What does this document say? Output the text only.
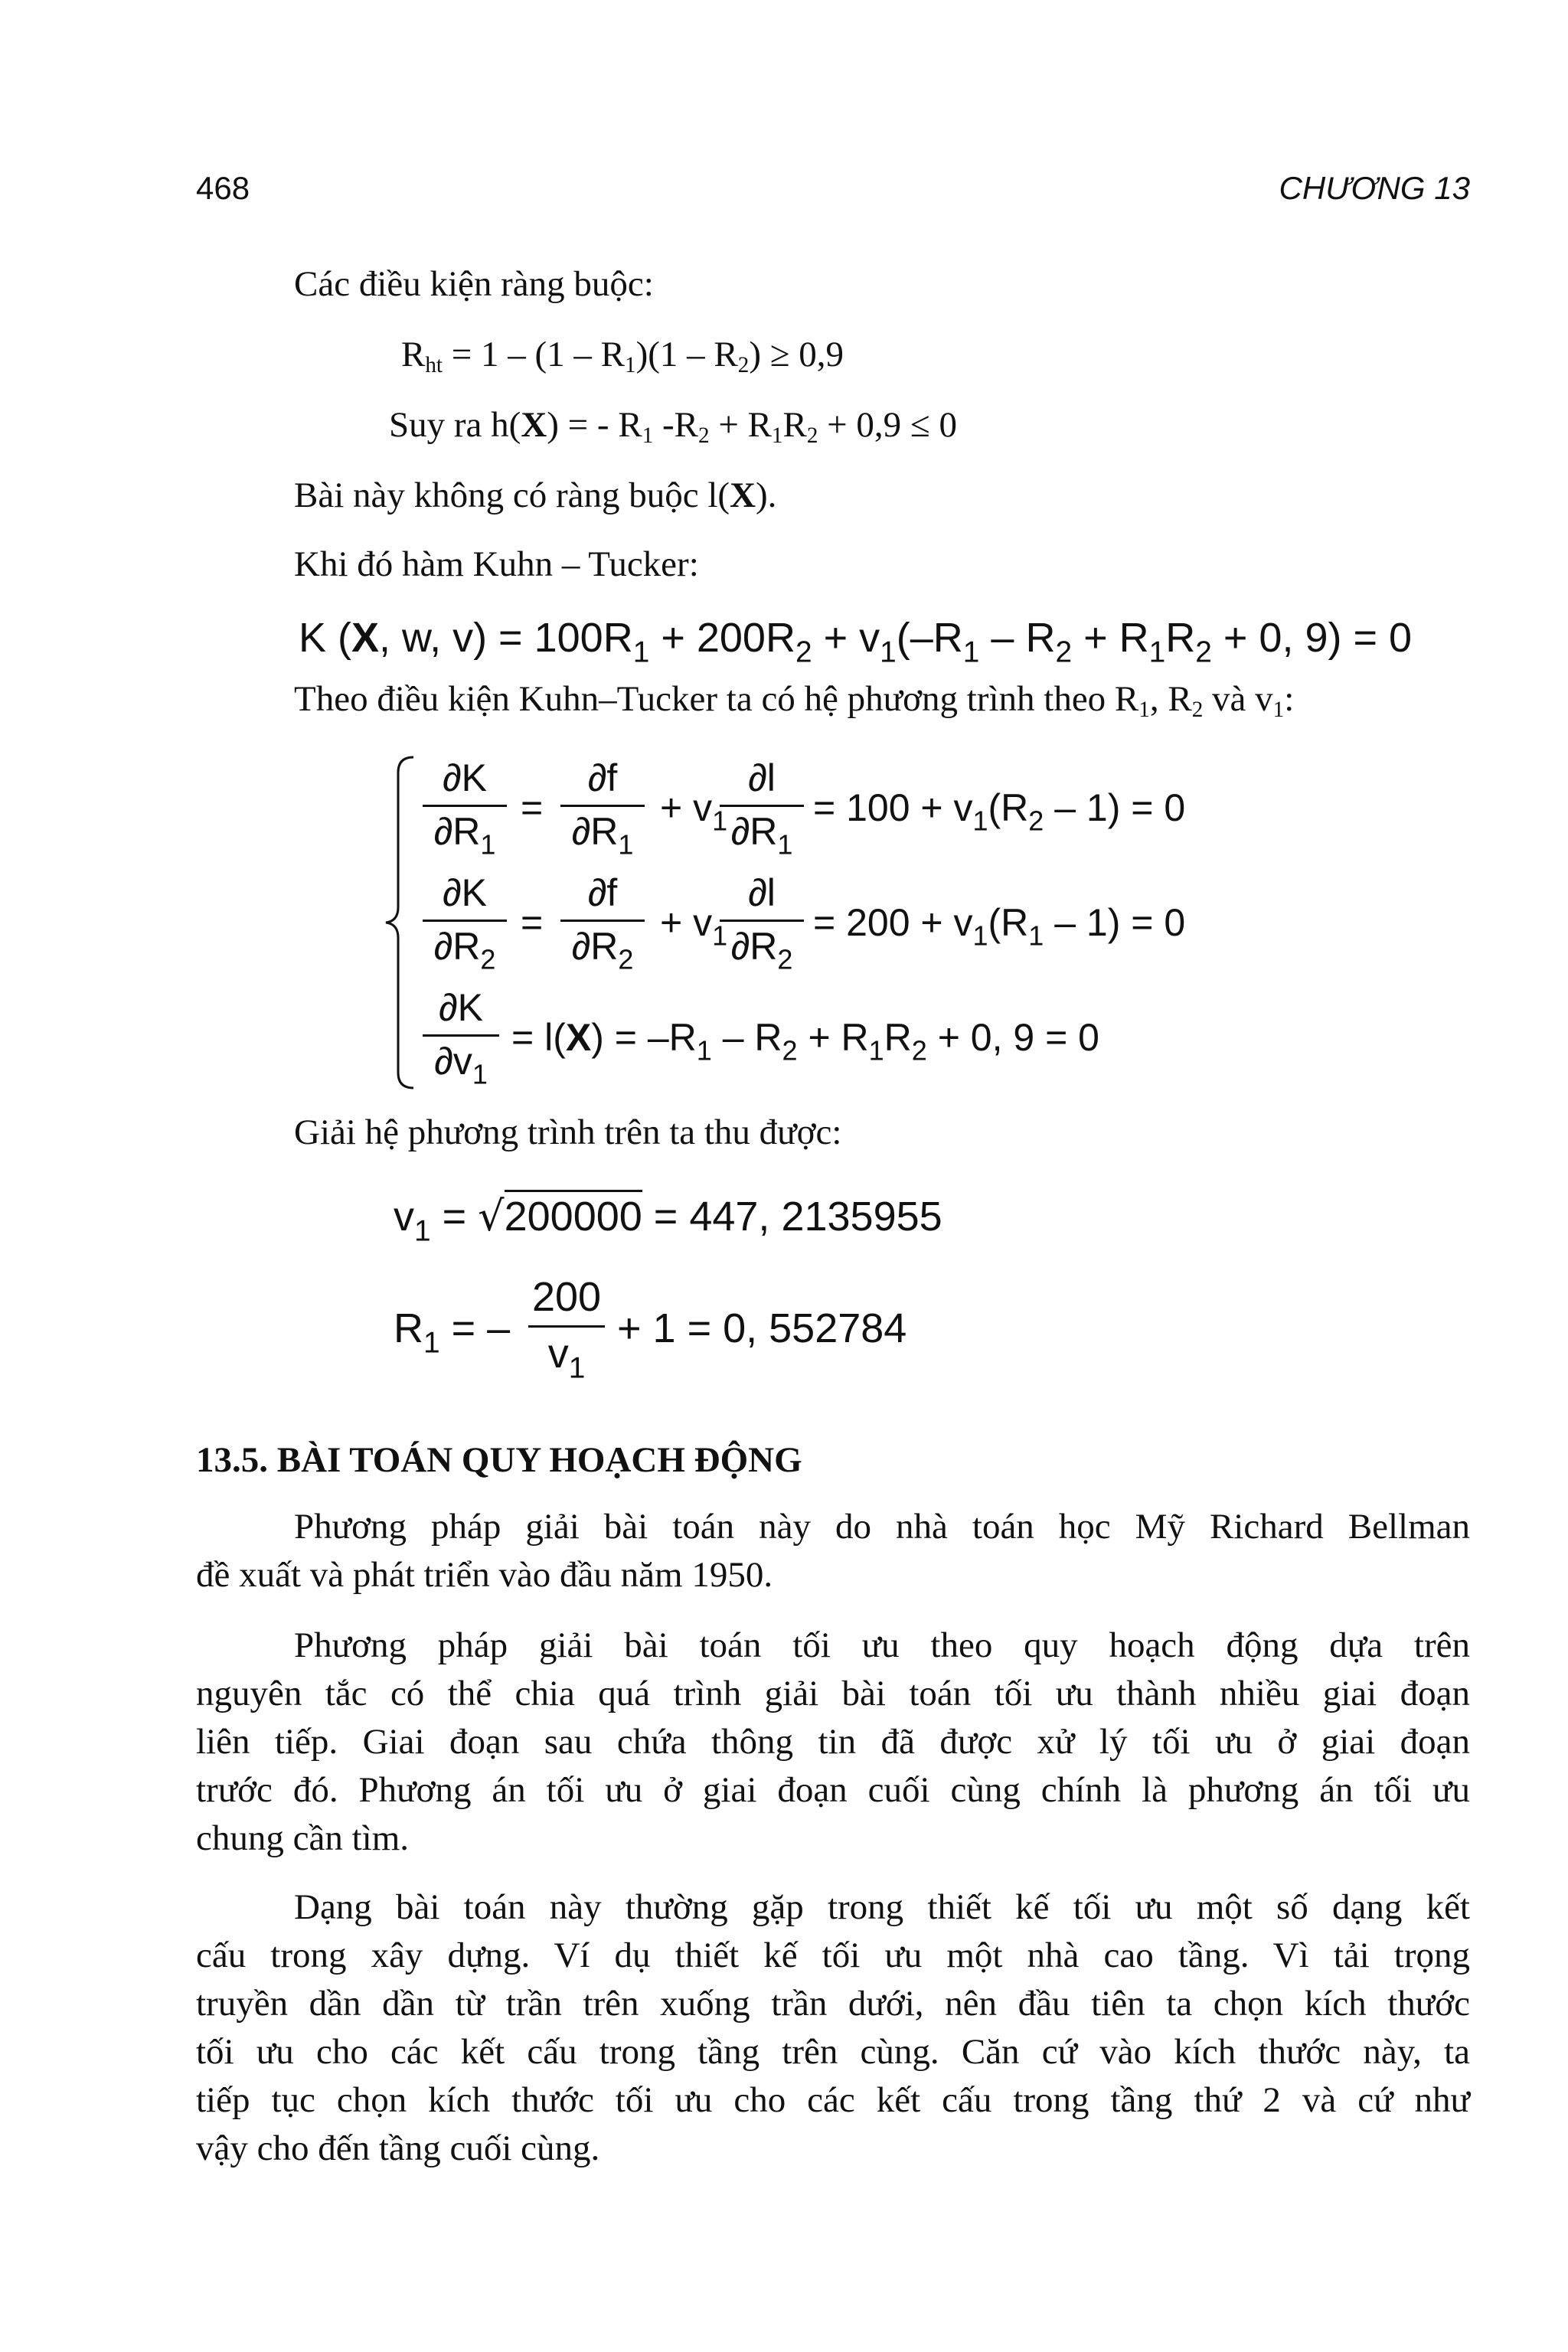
468	CHƯƠNG 13
Các điều kiện ràng buộc:
$R_{ht} = 1 - (1 - R_1)(1 - R_2) \ge 0,9$
Suy ra h(X) = - $R_1$ $-R_2 + R_1R_2 + 0,9 \le 0$
Bài này không có ràng buộc l(X).
Khi đó hàm Kuhn – Tucker:
K (X, w, $v) = 100R_1 + 200R_2 + v_1(-R_1 - R_2 + R_1R_2 + 0$, 9) = 0
Theo điều kiện Kuhn–Tucker ta có hệ phương trình theo $R_1$, $R_2$ và $v_1$:
∂K
$\partial R_1$
=
∂f
$\partial R_1$
+ $v_1$
∂l
$\partial R_1$
= $100 + v_1(R_2 - 1) = 0$
∂K
$\partial R_2$
=
∂f
$\partial R_2$
+ $v_1$
∂l
$\partial R_2$
= $200 + v_1(R_1 - 1) = 0$
∂K
$\partial v_1$
= $l(X) = -R_1 - R_2 + R_1R_2 + 0$, 9 = 0
Giải hệ phương trình trên ta thu được:
$v_1 = √200000 = 447$, 2135955
$R_1$ = –
200
$v_1$
+ 1 = 0, 552784
13.5. BÀI TOÁN QUY HOẠCH ĐỘNG
Phương pháp giải bài toán này do nhà toán học Mỹ Richard Bellman
đề xuất và phát triển vào đầu năm 1950.
Phương pháp giải bài toán tối ưu theo quy hoạch động dựa trên
nguyên tắc có thể chia quá trình giải bài toán tối ưu thành nhiều giai đoạn
liên tiếp. Giai đoạn sau chứa thông tin đã được xử lý tối ưu ở giai đoạn
trước đó. Phương án tối ưu ở giai đoạn cuối cùng chính là phương án tối ưu
chung cần tìm.
Dạng bài toán này thường gặp trong thiết kế tối ưu một số dạng kết
cấu trong xây dựng. Ví dụ thiết kế tối ưu một nhà cao tầng. Vì tải trọng
truyền dần dần từ trần trên xuống trần dưới, nên đầu tiên ta chọn kích thước
tối ưu cho các kết cấu trong tầng trên cùng. Căn cứ vào kích thước này, ta
tiếp tục chọn kích thước tối ưu cho các kết cấu trong tầng thứ 2 và cứ như
vậy cho đến tầng cuối cùng.
